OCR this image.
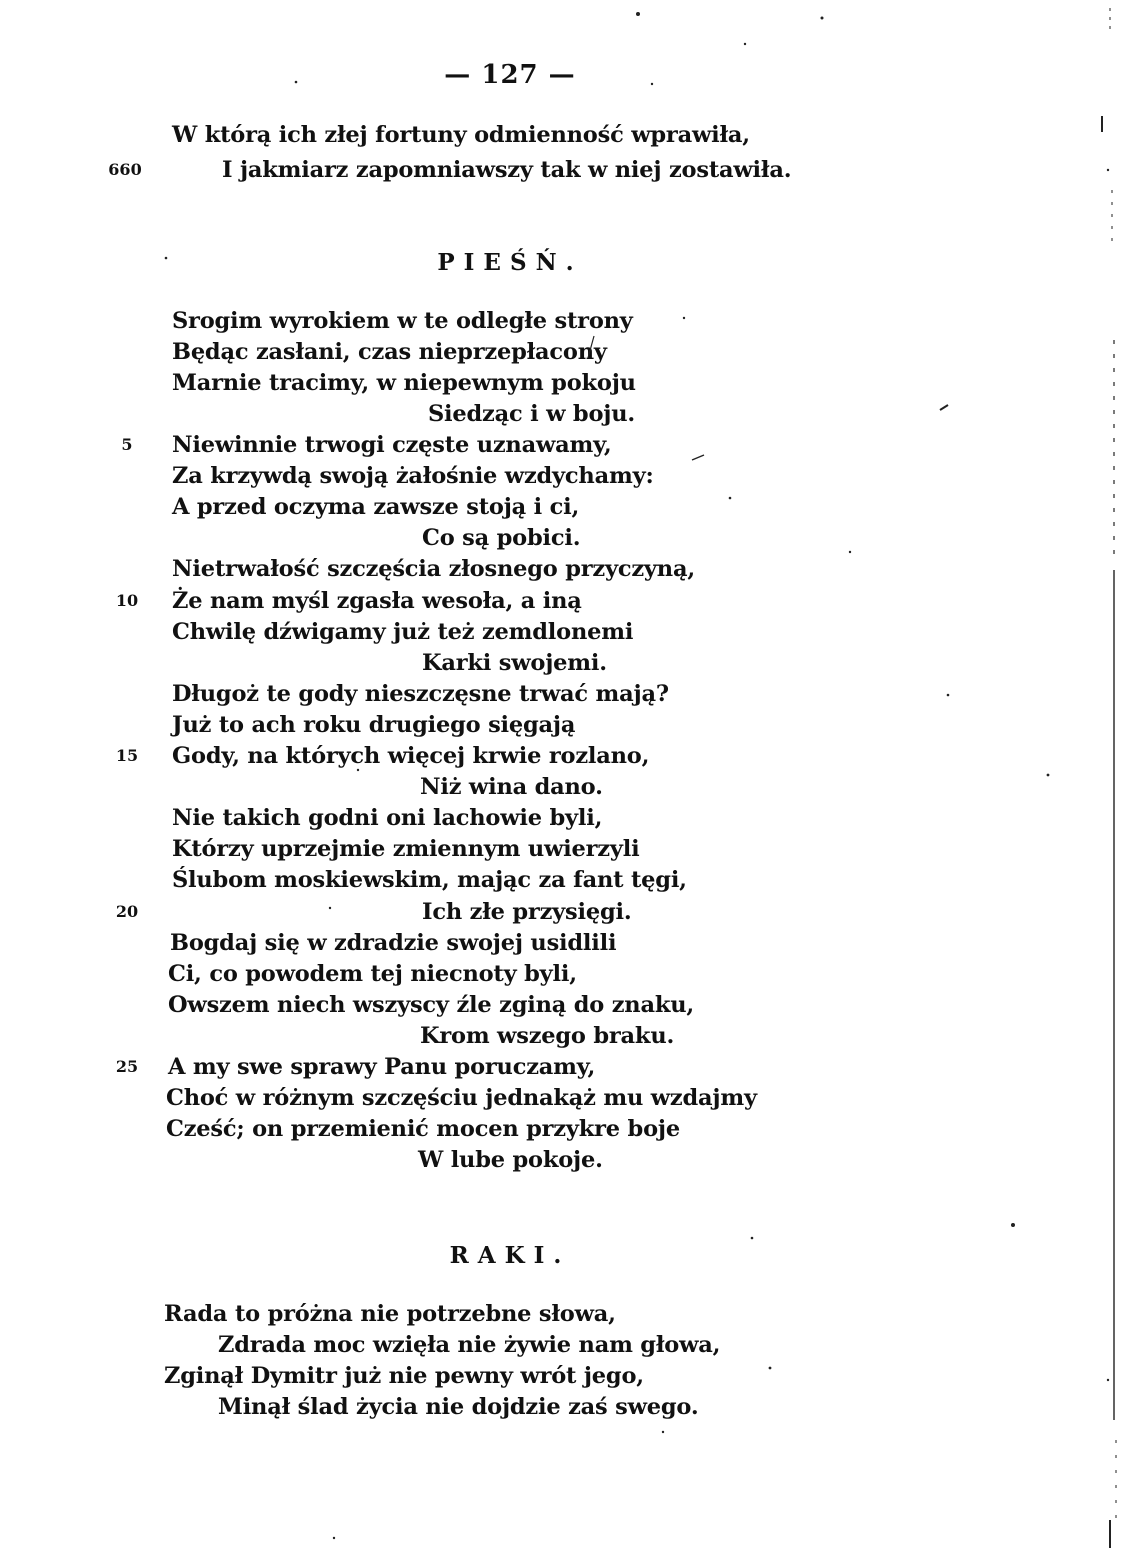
— 127 —
W którą ich złej fortuny odmienność wprawiła,
660	I jakmiarz zapomniawszy tak w niej zostawiła.
PIEŚŃ.
Srogim wyrokiem w te odległe strony
Będąc zasłani, czas nieprzepłacony
Marnie tracimy, w niepewnym pokoju
Siedząc i w boju.
5	Niewinnie trwogi częste uznawamy,
Za krzywdą swoją żałośnie wzdychamy:
A przed oczyma zawsze stoją i ci,
Co są pobici.
Nietrwałość szczęścia złosnego przyczyną,
10	Że nam myśl zgasła wesoła, a iną
Chwilę dźwigamy już też zemdlonemi
Karki swojemi.
Długoż te gody nieszczęsne trwać mają?
Już to ach roku drugiego sięgają
15	Gody, na których więcej krwie rozlano,
Niż wina dano.
Nie takich godni oni lachowie byli,
Którzy uprzejmie zmiennym uwierzyli
Ślubom moskiewskim, mając za fant tęgi,
20	Ich złe przysięgi.
Bogdaj się w zdradzie swojej usidlili
Ci, co powodem tej niecnoty byli,
Owszem niech wszyscy źle zginą do znaku,
Krom wszego braku.
25	A my swe sprawy Panu poruczamy,
Choć w różnym szczęściu jednakąż mu wzdajmy
Cześć; on przemienić mocen przykre boje
W lube pokoje.
RAKI.
Rada to próżna nie potrzebne słowa,
Zdrada moc wzięła nie żywie nam głowa,
Zginął Dymitr już nie pewny wrót jego,
Minął ślad życia nie dojdzie zaś swego.
